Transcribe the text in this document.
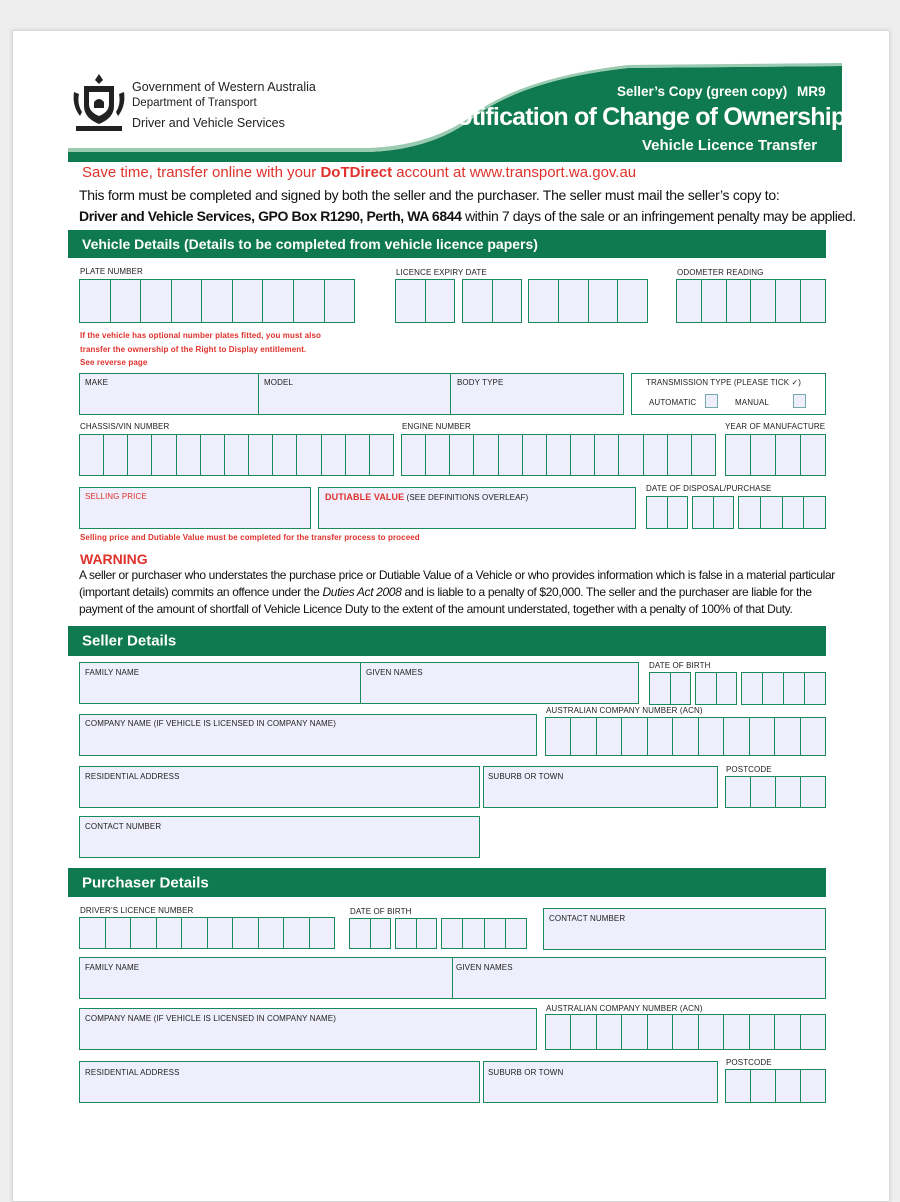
Government of Western Australia
Department of Transport
Driver and Vehicle Services
Seller’s Copy (green copy) MR9
Notification of Change of Ownership
Vehicle Licence Transfer
Save time, transfer online with your DoTDirect account at www.transport.wa.gov.au
This form must be completed and signed by both the seller and the purchaser. The seller must mail the seller’s copy to:
Driver and Vehicle Services, GPO Box R1290, Perth, WA 6844 within 7 days of the sale or an infringement penalty may be applied.
Vehicle Details (Details to be completed from vehicle licence papers)
PLATE NUMBER	LICENCE EXPIRY DATE	ODOMETER READING
If the vehicle has optional number plates fitted, you must also
transfer the ownership of the Right to Display entitlement.
See reverse page
MAKE	MODEL	BODY TYPE	TRANSMISSION TYPE (PLEASE TICK ✓)
AUTOMATIC	MANUAL
CHASSIS/VIN NUMBER	ENGINE NUMBER	YEAR OF MANUFACTURE
SELLING PRICE	DUTIABLE VALUE (SEE DEFINITIONS OVERLEAF)
DATE OF DISPOSAL/PURCHASE
Selling price and Dutiable Value must be completed for the transfer process to proceed
WARNING
A seller or purchaser who understates the purchase price or Dutiable Value of a Vehicle or who provides information which is false in a material particular
(important details) commits an offence under the Duties Act 2008 and is liable to a penalty of $20,000. The seller and the purchaser are liable for the
payment of the amount of shortfall of Vehicle Licence Duty to the extent of the amount understated, together with a penalty of 100% of that Duty.
Seller Details
FAMILY NAME	GIVEN NAMES
DATE OF BIRTH
COMPANY NAME (IF VEHICLE IS LICENSED IN COMPANY NAME)
AUSTRALIAN COMPANY NUMBER (ACN)
RESIDENTIAL ADDRESS	SUBURB OR TOWN
POSTCODE
CONTACT NUMBER
Purchaser Details
DRIVER’S LICENCE NUMBER	DATE OF BIRTH
CONTACT NUMBER
FAMILY NAME	GIVEN NAMES
COMPANY NAME (IF VEHICLE IS LICENSED IN COMPANY NAME)
AUSTRALIAN COMPANY NUMBER (ACN)
RESIDENTIAL ADDRESS	SUBURB OR TOWN
POSTCODE
